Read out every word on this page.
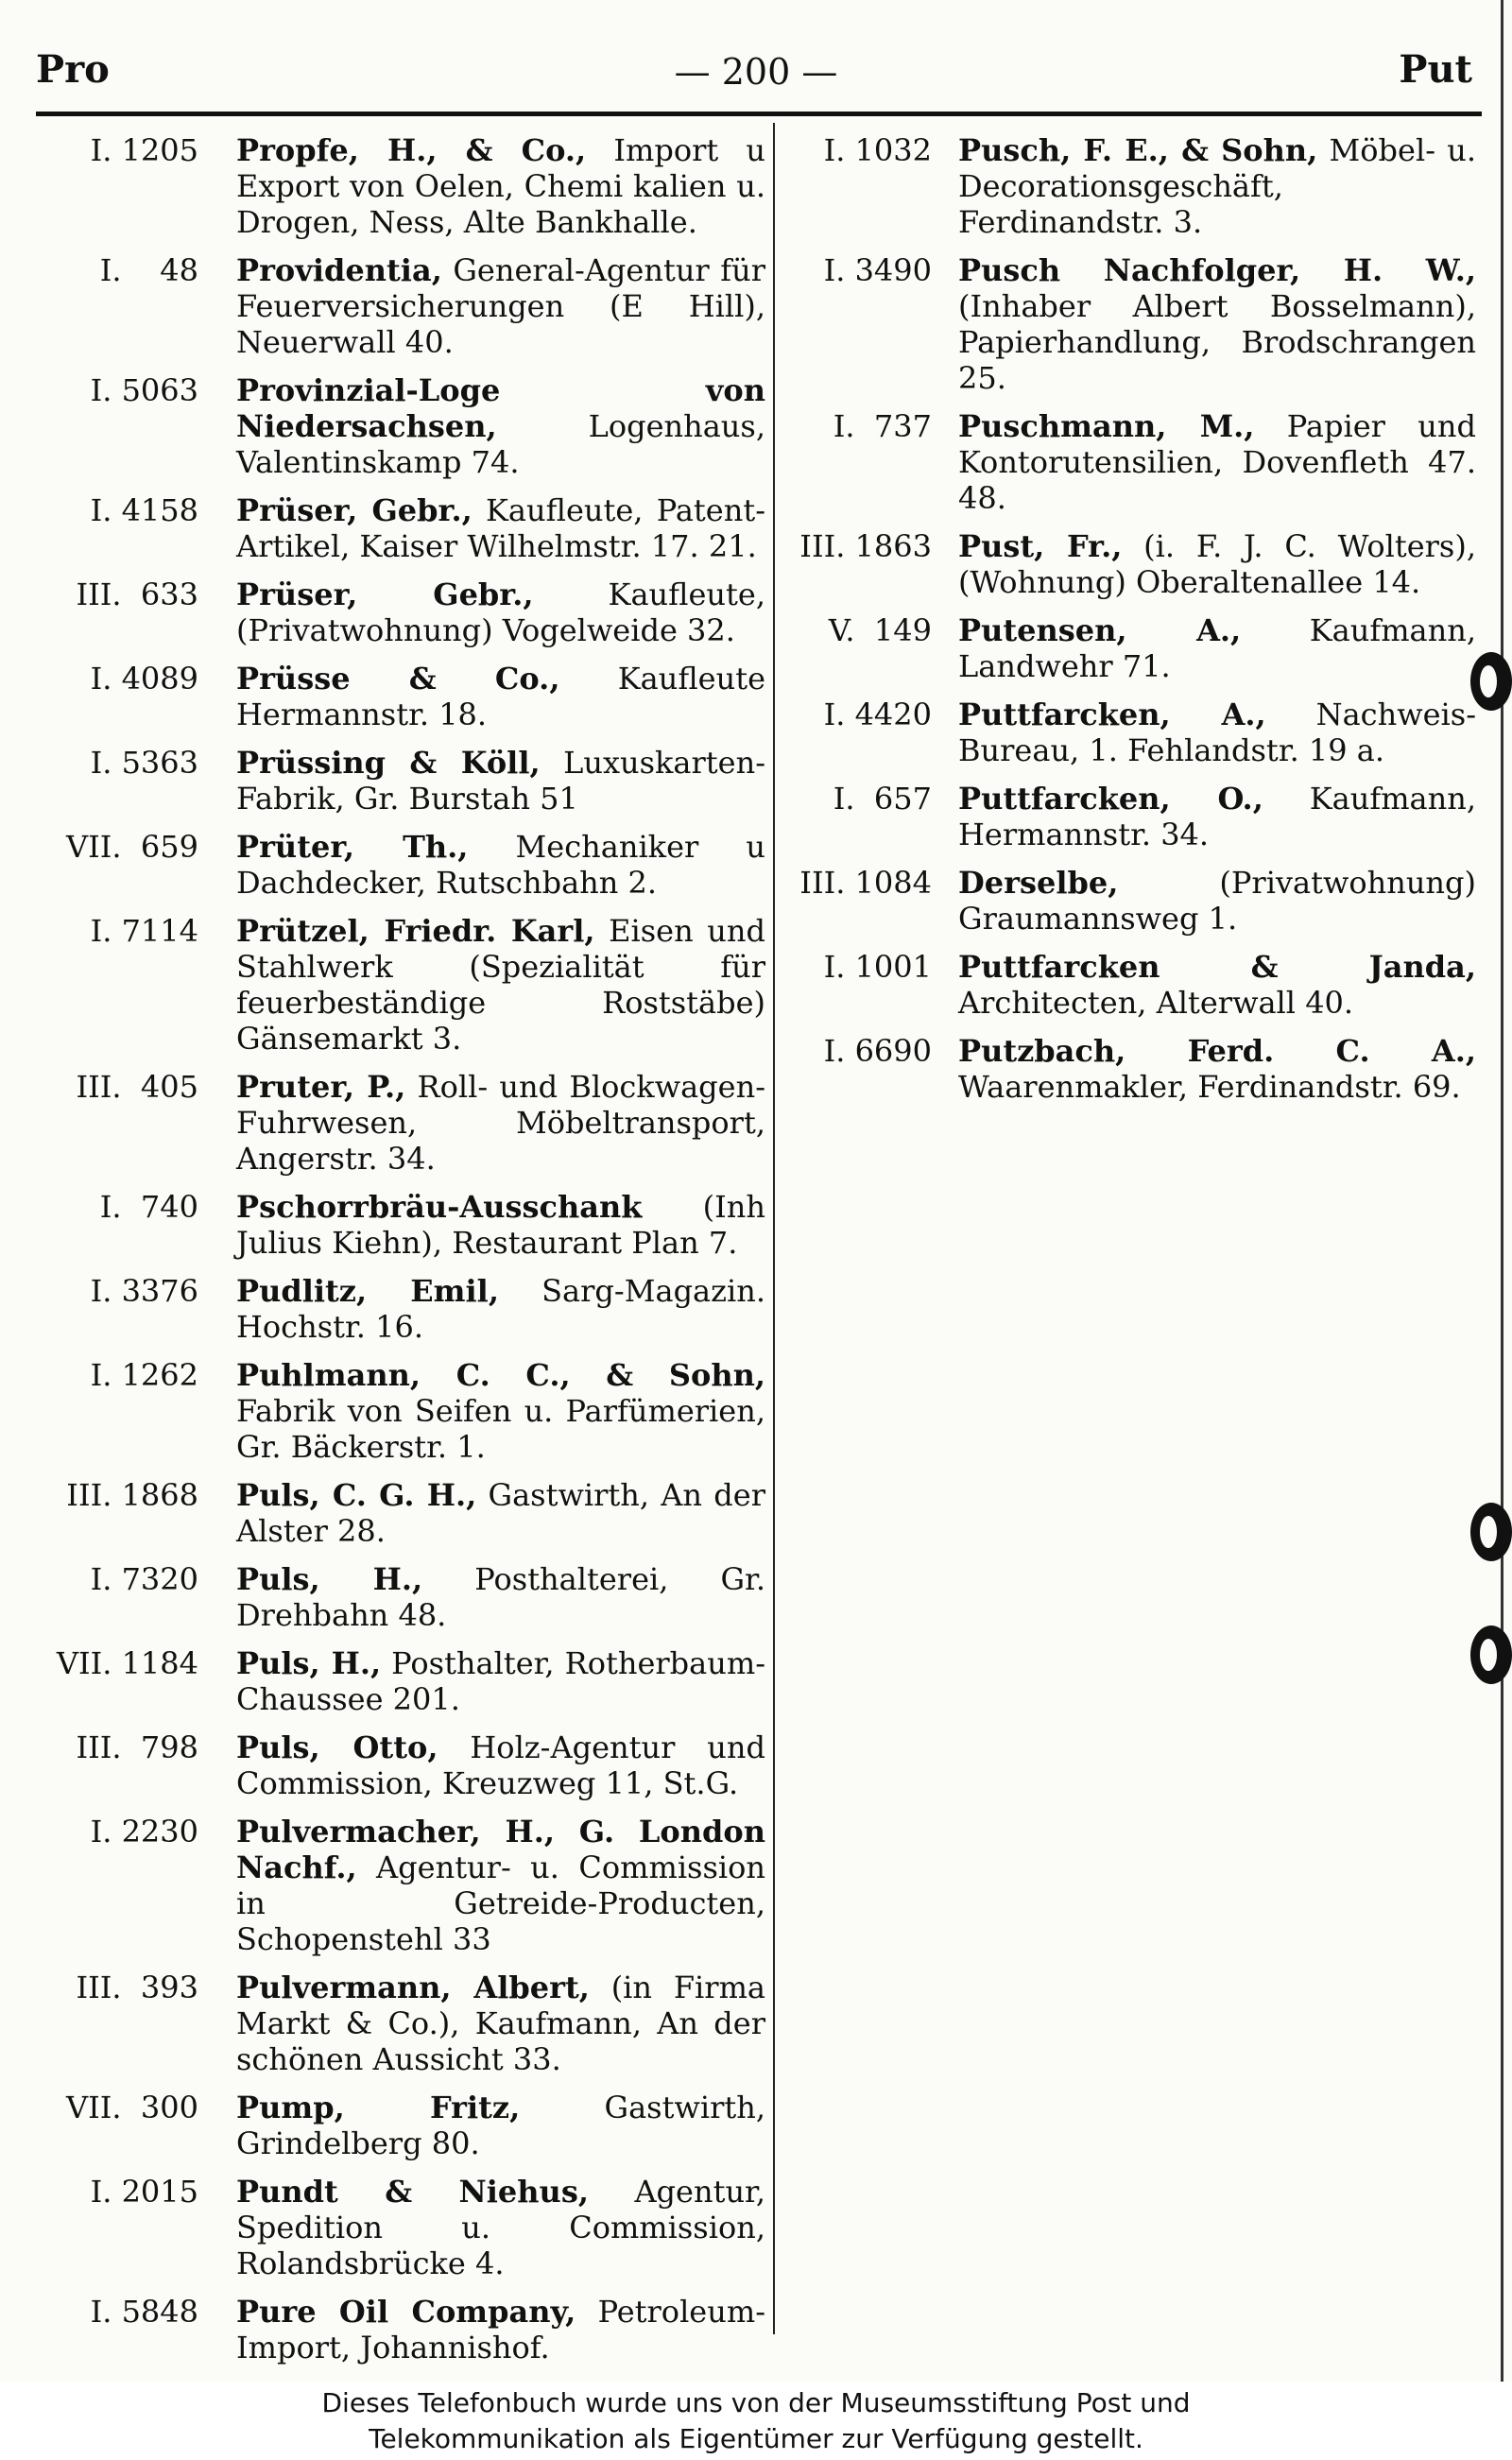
— 200 —
Pro	Put
I. 1205 Propfe, H., & Co., Import u Export von Oelen, Chemi kalien u. Drogen, Ness, Alte Bankhalle.
I.    48 Providentia, General-Agentur für Feuerversicherungen (E Hill), Neuerwall 40.
I. 5063 Provinzial-Loge von Niedersachsen, Logenhaus, Valentinskamp 74.
I. 4158 Prüser, Gebr., Kaufleute, Patent-Artikel, Kaiser Wilhelmstr. 17. 21.
III.  633 Prüser, Gebr., Kaufleute, (Privatwohnung) Vogelweide 32.
I. 4089 Prüsse & Co., Kaufleute Hermannstr. 18.
I. 5363 Prüssing & Köll, Luxuskarten-Fabrik, Gr. Burstah 51
VII.  659 Prüter, Th., Mechaniker u Dachdecker, Rutschbahn 2.
I. 7114 Prützel, Friedr. Karl, Eisen und Stahlwerk (Spezialität für feuerbeständige Roststäbe) Gänsemarkt 3.
III.  405 Pruter, P., Roll- und Blockwagen-Fuhrwesen, Möbeltransport, Angerstr. 34.
I.  740 Pschorrbräu-Ausschank (Inh Julius Kiehn), Restaurant Plan 7.
I. 3376 Pudlitz, Emil, Sarg-Magazin. Hochstr. 16.
I. 1262 Puhlmann, C. C., & Sohn, Fabrik von Seifen u. Parfümerien, Gr. Bäckerstr. 1.
III. 1868 Puls, C. G. H., Gastwirth, An der Alster 28.
I. 7320 Puls, H., Posthalterei, Gr. Drehbahn 48.
VII. 1184 Puls, H., Posthalter, Rotherbaum-Chaussee 201.
III.  798 Puls, Otto, Holz-Agentur und Commission, Kreuzweg 11, St.G.
I. 2230 Pulvermacher, H., G. London Nachf., Agentur- u. Commission in Getreide-Producten, Schopenstehl 33
III.  393 Pulvermann, Albert, (in Firma Markt & Co.), Kaufmann, An der schönen Aussicht 33.
VII.  300 Pump, Fritz, Gastwirth, Grindelberg 80.
I. 2015 Pundt & Niehus, Agentur, Spedition u. Commission, Rolandsbrücke 4.
I. 5848 Pure Oil Company, Petroleum-Import, Johannishof.
I. 1032 Pusch, F. E., & Sohn, Möbel- u. Decorationsgeschäft, Ferdinandstr. 3.
I. 3490 Pusch Nachfolger, H. W., (Inhaber Albert Bosselmann), Papierhandlung, Brodschrangen 25.
I.  737 Puschmann, M., Papier und Kontorutensilien, Dovenfleth 47. 48.
III. 1863 Pust, Fr., (i. F. J. C. Wolters), (Wohnung) Oberaltenallee 14.
V.  149 Putensen, A., Kaufmann, Landwehr 71.
I. 4420 Puttfarcken, A., Nachweis-Bureau, 1. Fehlandstr. 19 a.
I.  657 Puttfarcken, O., Kaufmann, Hermannstr. 34.
III. 1084 Derselbe, (Privatwohnung) Graumannsweg 1.
I. 1001 Puttfarcken & Janda, Architecten, Alterwall 40.
I. 6690 Putzbach, Ferd. C. A., Waarenmakler, Ferdinandstr. 69.
Dieses Telefonbuch wurde uns von der Museumsstiftung Post und
Telekommunikation als Eigentümer zur Verfügung gestellt.
